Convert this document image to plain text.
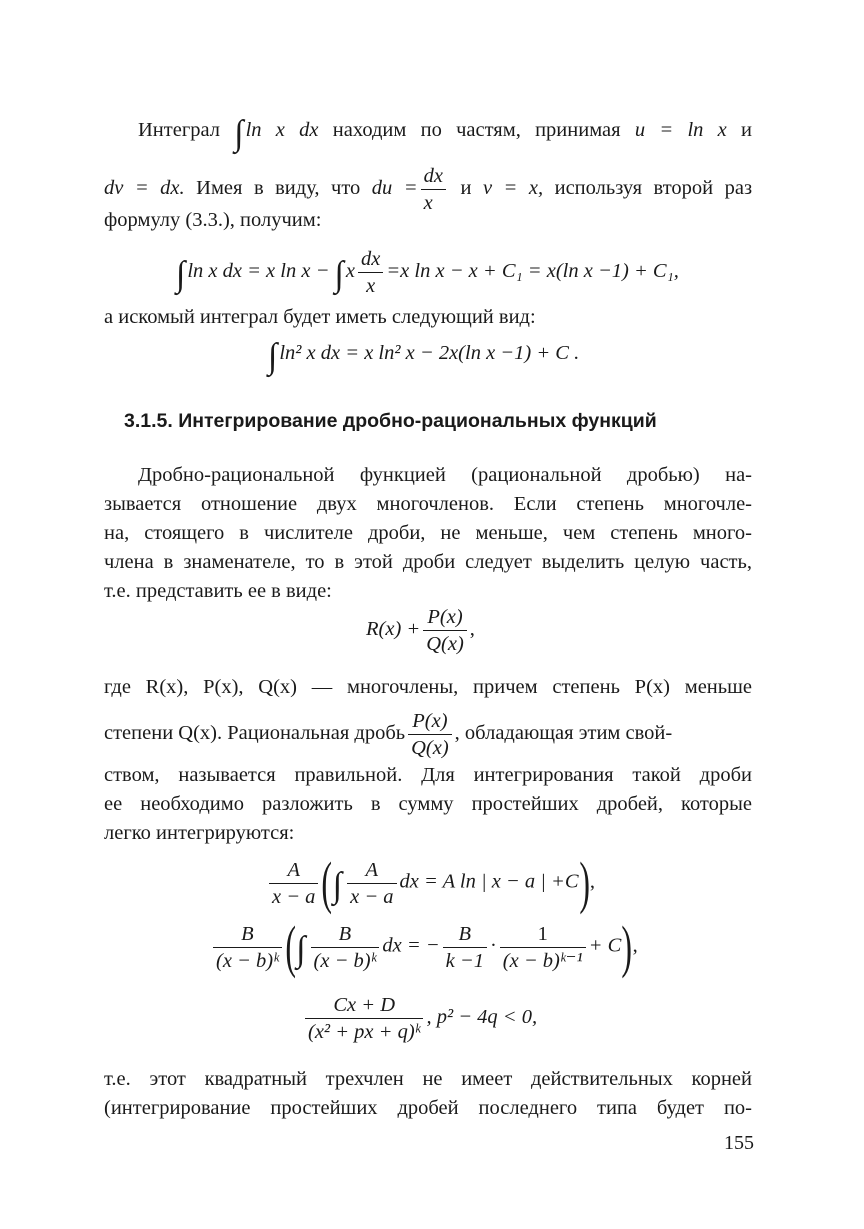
Интеграл ∫ln x dx находим по частям, принимая u = ln x и
dv = dx. Имея в виду, что du = $\frac{dx}{x}$ и v = x, используя второй раз
формулу (3.3.), получим:
∫ln x dx = x $\ln x - \int x \frac{dx}{x} =x$ ln x − x + C₁ = x(ln x −1) + C₁,
а искомый интеграл будет иметь следующий вид:
∫ln² x dx = x ln² x − 2x(ln x −1) + C .
3.1.5. Интегрирование дробно-рациональных функций
Дробно-рациональной функцией (рациональной дробью) на-
зывается отношение двух многочленов. Если степень многочле-
на, стоящего в числителе дроби, не меньше, чем степень много-
члена в знаменателе, то в этой дроби следует выделить целую часть,
т.е. представить ее в виде:
$R(x) + \frac{P(x)}{Q(x)}$ ,
где R(x), P(x), Q(x) — многочлены, причем степень P(x) меньше
степени Q(x). Рациональная дробь $\frac{P(x)}{Q(x)}$ , обладающая этим свой-
ством, называется правильной. Для интегрирования такой дроби
ее необходимо разложить в сумму простейших дробей, которые
легко интегрируются:
$\frac{A}{x - a}$ (∫ $\frac{A}{x - a}$ dx = A ln | x − a | +C),
$\frac{B}{\text{(x − b)ᵏ}}$ (∫ $\frac{B}{\text{(x − b)ᵏ}}$ dx = − $\frac{B}{k -1} \cdot \frac{1}{\text{(x − b)ᵏ⁻¹}} + C$),
$\frac{Cx + D}{\text{(x² + px + q)ᵏ}}$ , p² − 4q < 0,
т.е. этот квадратный трехчлен не имеет действительных корней
(интегрирование простейших дробей последнего типа будет по-
155
